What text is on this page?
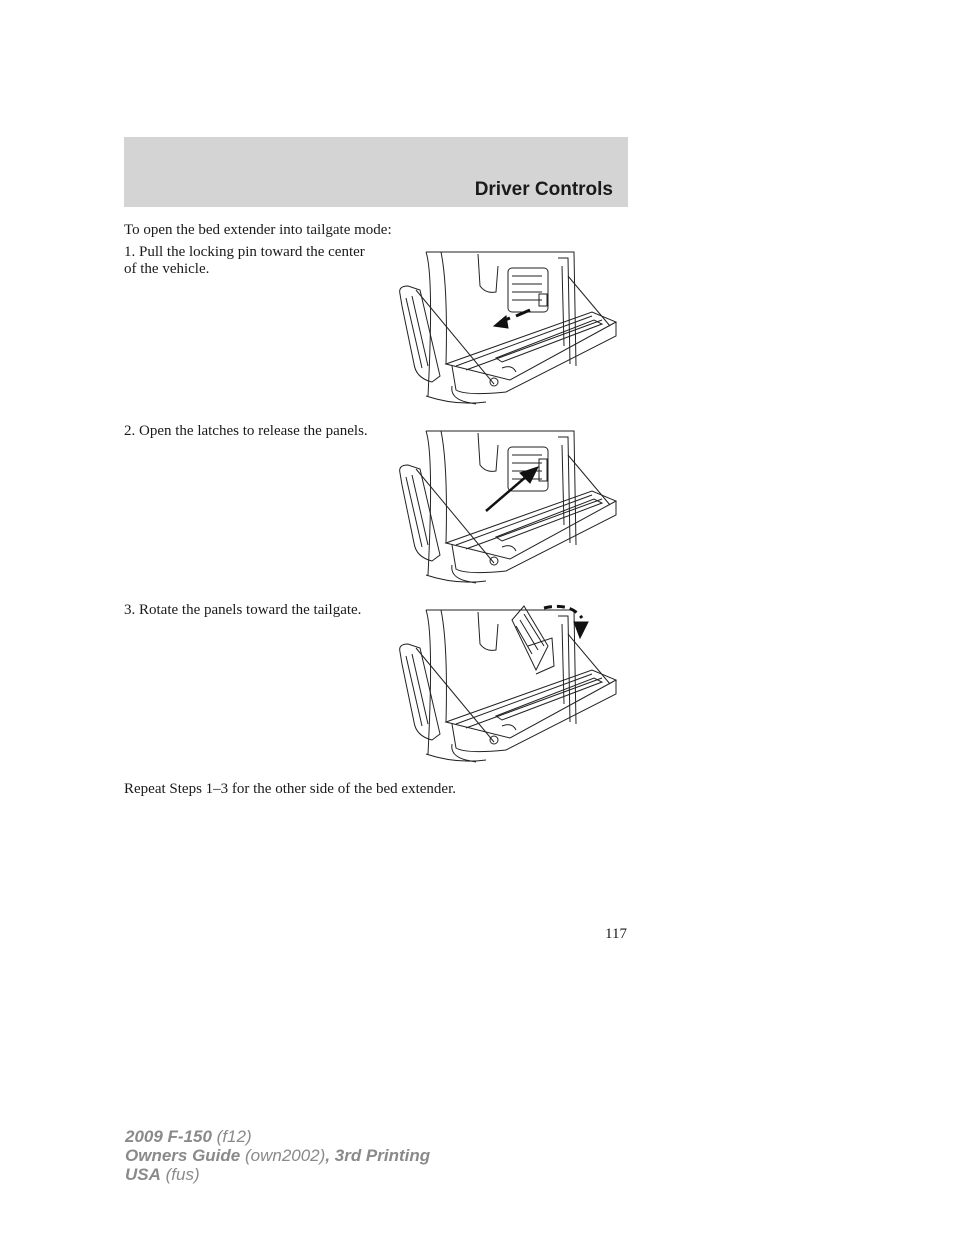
Driver Controls
To open the bed extender into tailgate mode:
1. Pull the locking pin toward the center of the vehicle.
2. Open the latches to release the panels.
3. Rotate the panels toward the tailgate.
Repeat Steps 1–3 for the other side of the bed extender.
117
2009 F-150 (f12)
Owners Guide (own2002), 3rd Printing
USA (fus)
